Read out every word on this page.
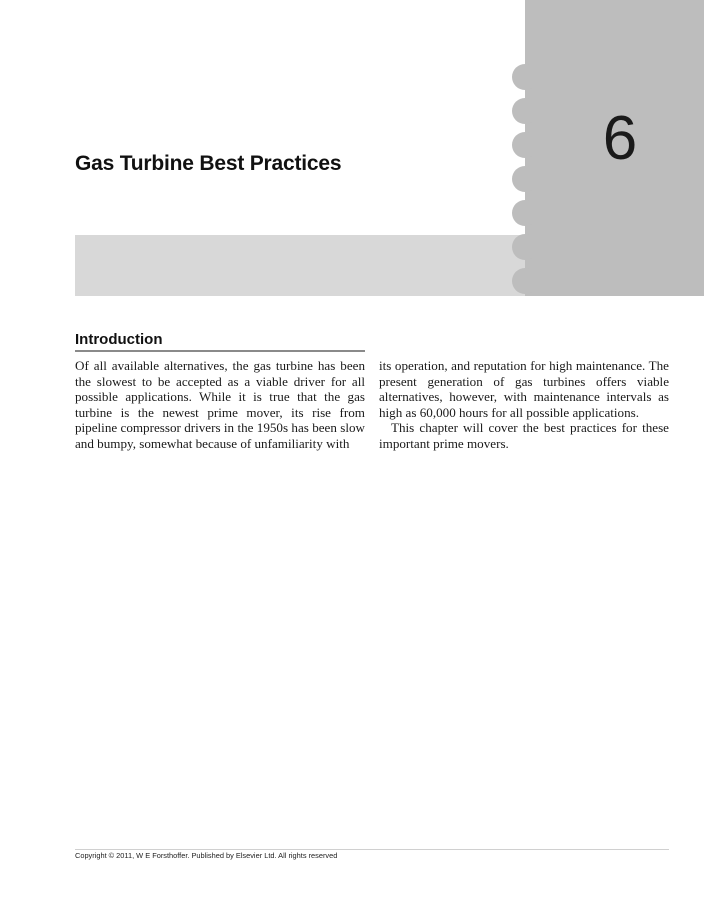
6
Gas Turbine Best Practices
Introduction

Of all available alternatives, the gas turbine has been the slowest to be accepted as a viable driver for all possible applications. While it is true that the gas turbine is the newest prime mover, its rise from pipeline compressor drivers in the 1950s has been slow and bumpy, somewhat because of unfamiliarity with

its operation, and reputation for high maintenance. The present generation of gas turbines offers viable alternatives, however, with maintenance intervals as high as 60,000 hours for all possible applications.

This chapter will cover the best practices for these important prime movers.

Copyright © 2011, W E Forsthoffer. Published by Elsevier Ltd. All rights reserved
